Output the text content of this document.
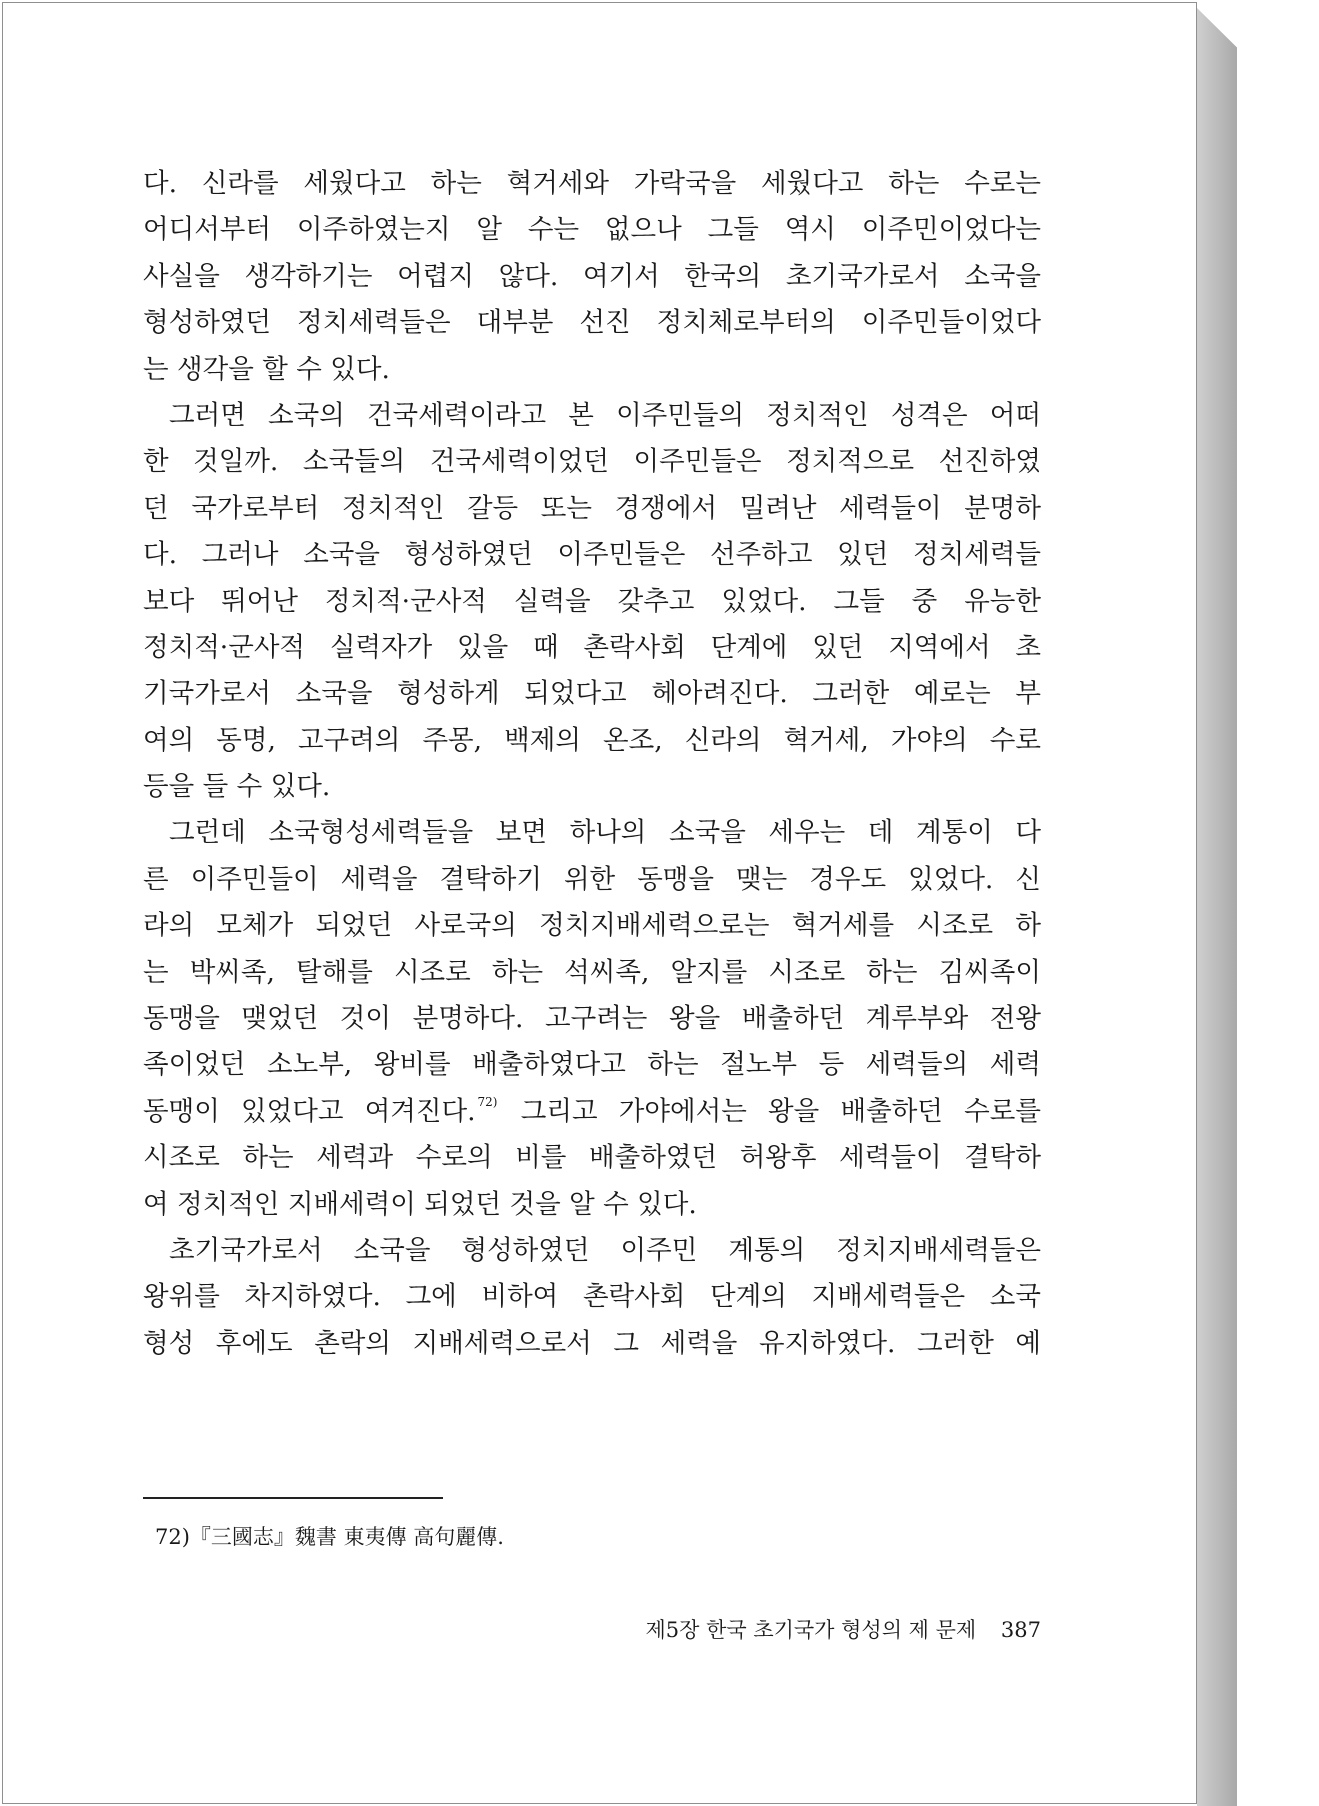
다. 신라를 세웠다고 하는 혁거세와 가락국을 세웠다고 하는 수로는
어디서부터 이주하였는지 알 수는 없으나 그들 역시 이주민이었다는
사실을 생각하기는 어렵지 않다. 여기서 한국의 초기국가로서 소국을
형성하였던 정치세력들은 대부분 선진 정치체로부터의 이주민들이었다
는 생각을 할 수 있다.
그러면 소국의 건국세력이라고 본 이주민들의 정치적인 성격은 어떠
한 것일까. 소국들의 건국세력이었던 이주민들은 정치적으로 선진하였
던 국가로부터 정치적인 갈등 또는 경쟁에서 밀려난 세력들이 분명하
다. 그러나 소국을 형성하였던 이주민들은 선주하고 있던 정치세력들
보다 뛰어난 정치적·군사적 실력을 갖추고 있었다. 그들 중 유능한
정치적·군사적 실력자가 있을 때 촌락사회 단계에 있던 지역에서 초
기국가로서 소국을 형성하게 되었다고 헤아려진다. 그러한 예로는 부
여의 동명, 고구려의 주몽, 백제의 온조, 신라의 혁거세, 가야의 수로
등을 들 수 있다.
그런데 소국형성세력들을 보면 하나의 소국을 세우는 데 계통이 다
른 이주민들이 세력을 결탁하기 위한 동맹을 맺는 경우도 있었다. 신
라의 모체가 되었던 사로국의 정치지배세력으로는 혁거세를 시조로 하
는 박씨족, 탈해를 시조로 하는 석씨족, 알지를 시조로 하는 김씨족이
동맹을 맺었던 것이 분명하다. 고구려는 왕을 배출하던 계루부와 전왕
족이었던 소노부, 왕비를 배출하였다고 하는 절노부 등 세력들의 세력
동맹이 있었다고 여겨진다. $^{72)}$ 그리고 가야에서는 왕을 배출하던 수로를
시조로 하는 세력과 수로의 비를 배출하였던 허왕후 세력들이 결탁하
여 정치적인 지배세력이 되었던 것을 알 수 있다.
초기국가로서 소국을 형성하였던 이주민 계통의 정치지배세력들은
왕위를 차지하였다. 그에 비하여 촌락사회 단계의 지배세력들은 소국
형성 후에도 촌락의 지배세력으로서 그 세력을 유지하였다. 그러한 예
72)『三國志』魏書 東夷傳 高句麗傳.
제5장 한국 초기국가 형성의 제 문제 387
